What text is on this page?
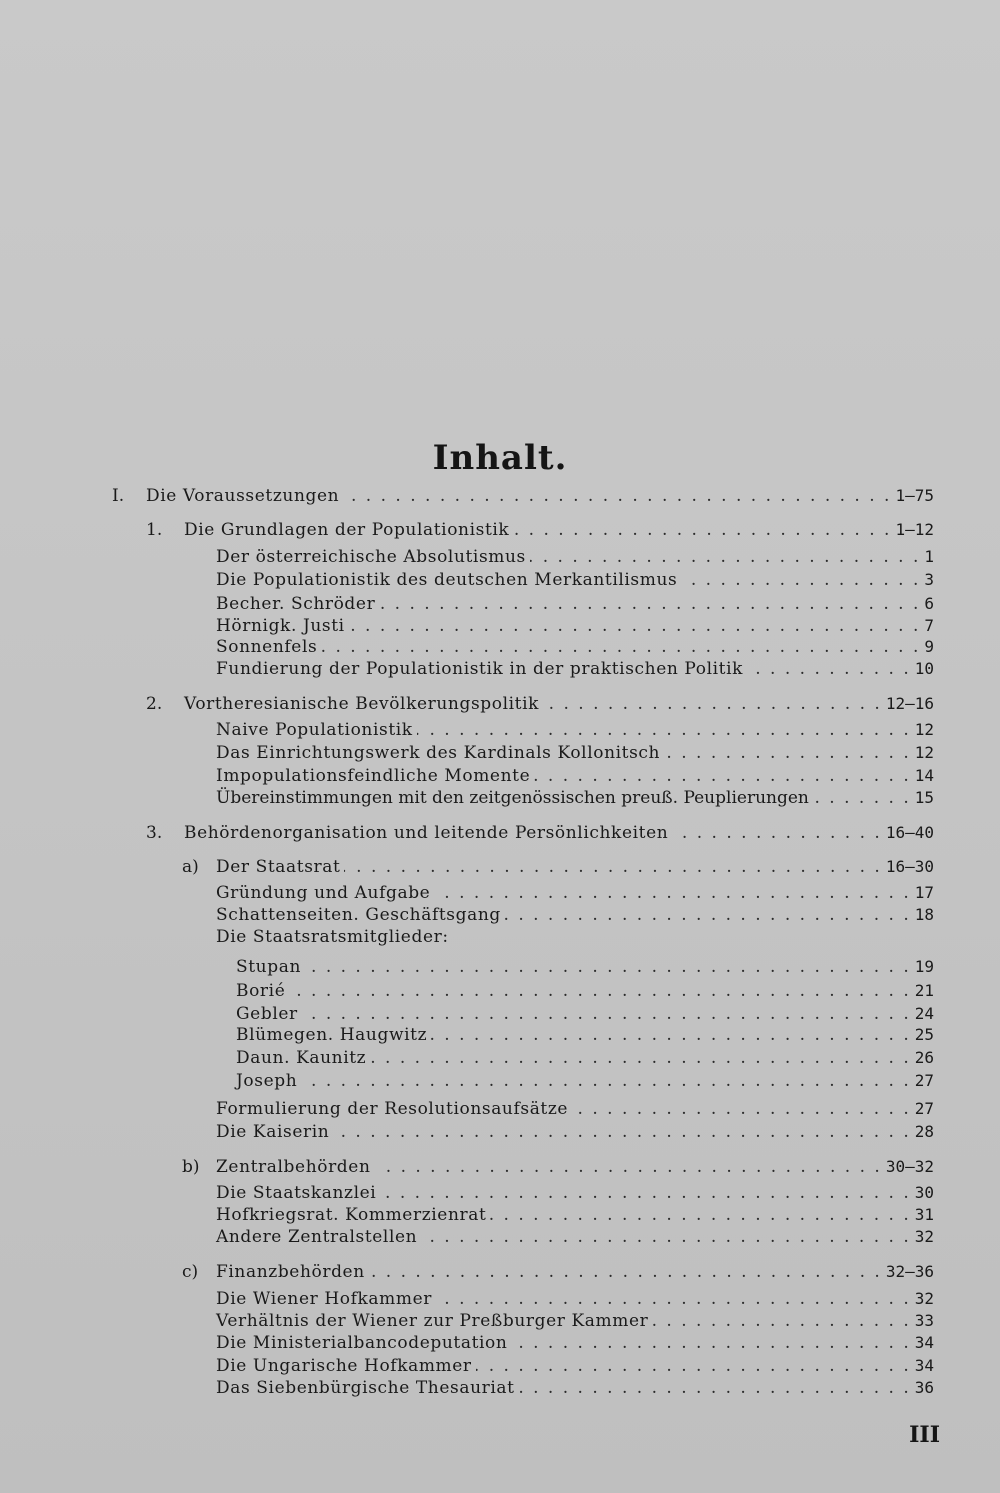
Inhalt.
I.	Die Voraussetzungen . . .	1—75
1.	Die Grundlagen der Populationistik . . .	1—12
Der österreichische Absolutismus . . .	1
Die Populationistik des deutschen Merkantilismus . . .	3
Becher. Schröder . . .	6
Hörnigk. Justi . . .	7
Sonnenfels . . .	9
Fundierung der Populationistik in der praktischen Politik . . .	10
2.	Vortheresianische Bevölkerungspolitik . . .	12—16
Naive Populationistik . . .	12
Das Einrichtungswerk des Kardinals Kollonitsch . . .	12
Impopulationsfeindliche Momente . . .	14
Übereinstimmungen mit den zeitgenössischen preuß. Peuplierungen . . .	15
3.	Behördenorganisation und leitende Persönlichkeiten . . .	16—40
a)	Der Staatsrat . . .	16—30
Gründung und Aufgabe . . .	17
Schattenseiten. Geschäftsgang . . .	18
Die Staatsratsmitglieder:
Stupan . . .	19
Borié . . .	21
Gebler . . .	24
Blümegen. Haugwitz . . .	25
Daun. Kaunitz . . .	26
Joseph . . .	27
Formulierung der Resolutionsaufsätze . . .	27
Die Kaiserin . . .	28
b) Zentralbehörden . . .	30—32
Die Staatskanzlei . . .	30
Hofkriegsrat. Kommerzienrat . . .	31
Andere Zentralstellen . . .	32
c)	Finanzbehörden . . .	32—36
Die Wiener Hofkammer . . .	32
Verhältnis der Wiener zur Preßburger Kammer . . .	33
Die Ministerialbancodeputation . . .	34
Die Ungarische Hofkammer . . .	34
Das Siebenbürgische Thesauriat . . .	36
III
